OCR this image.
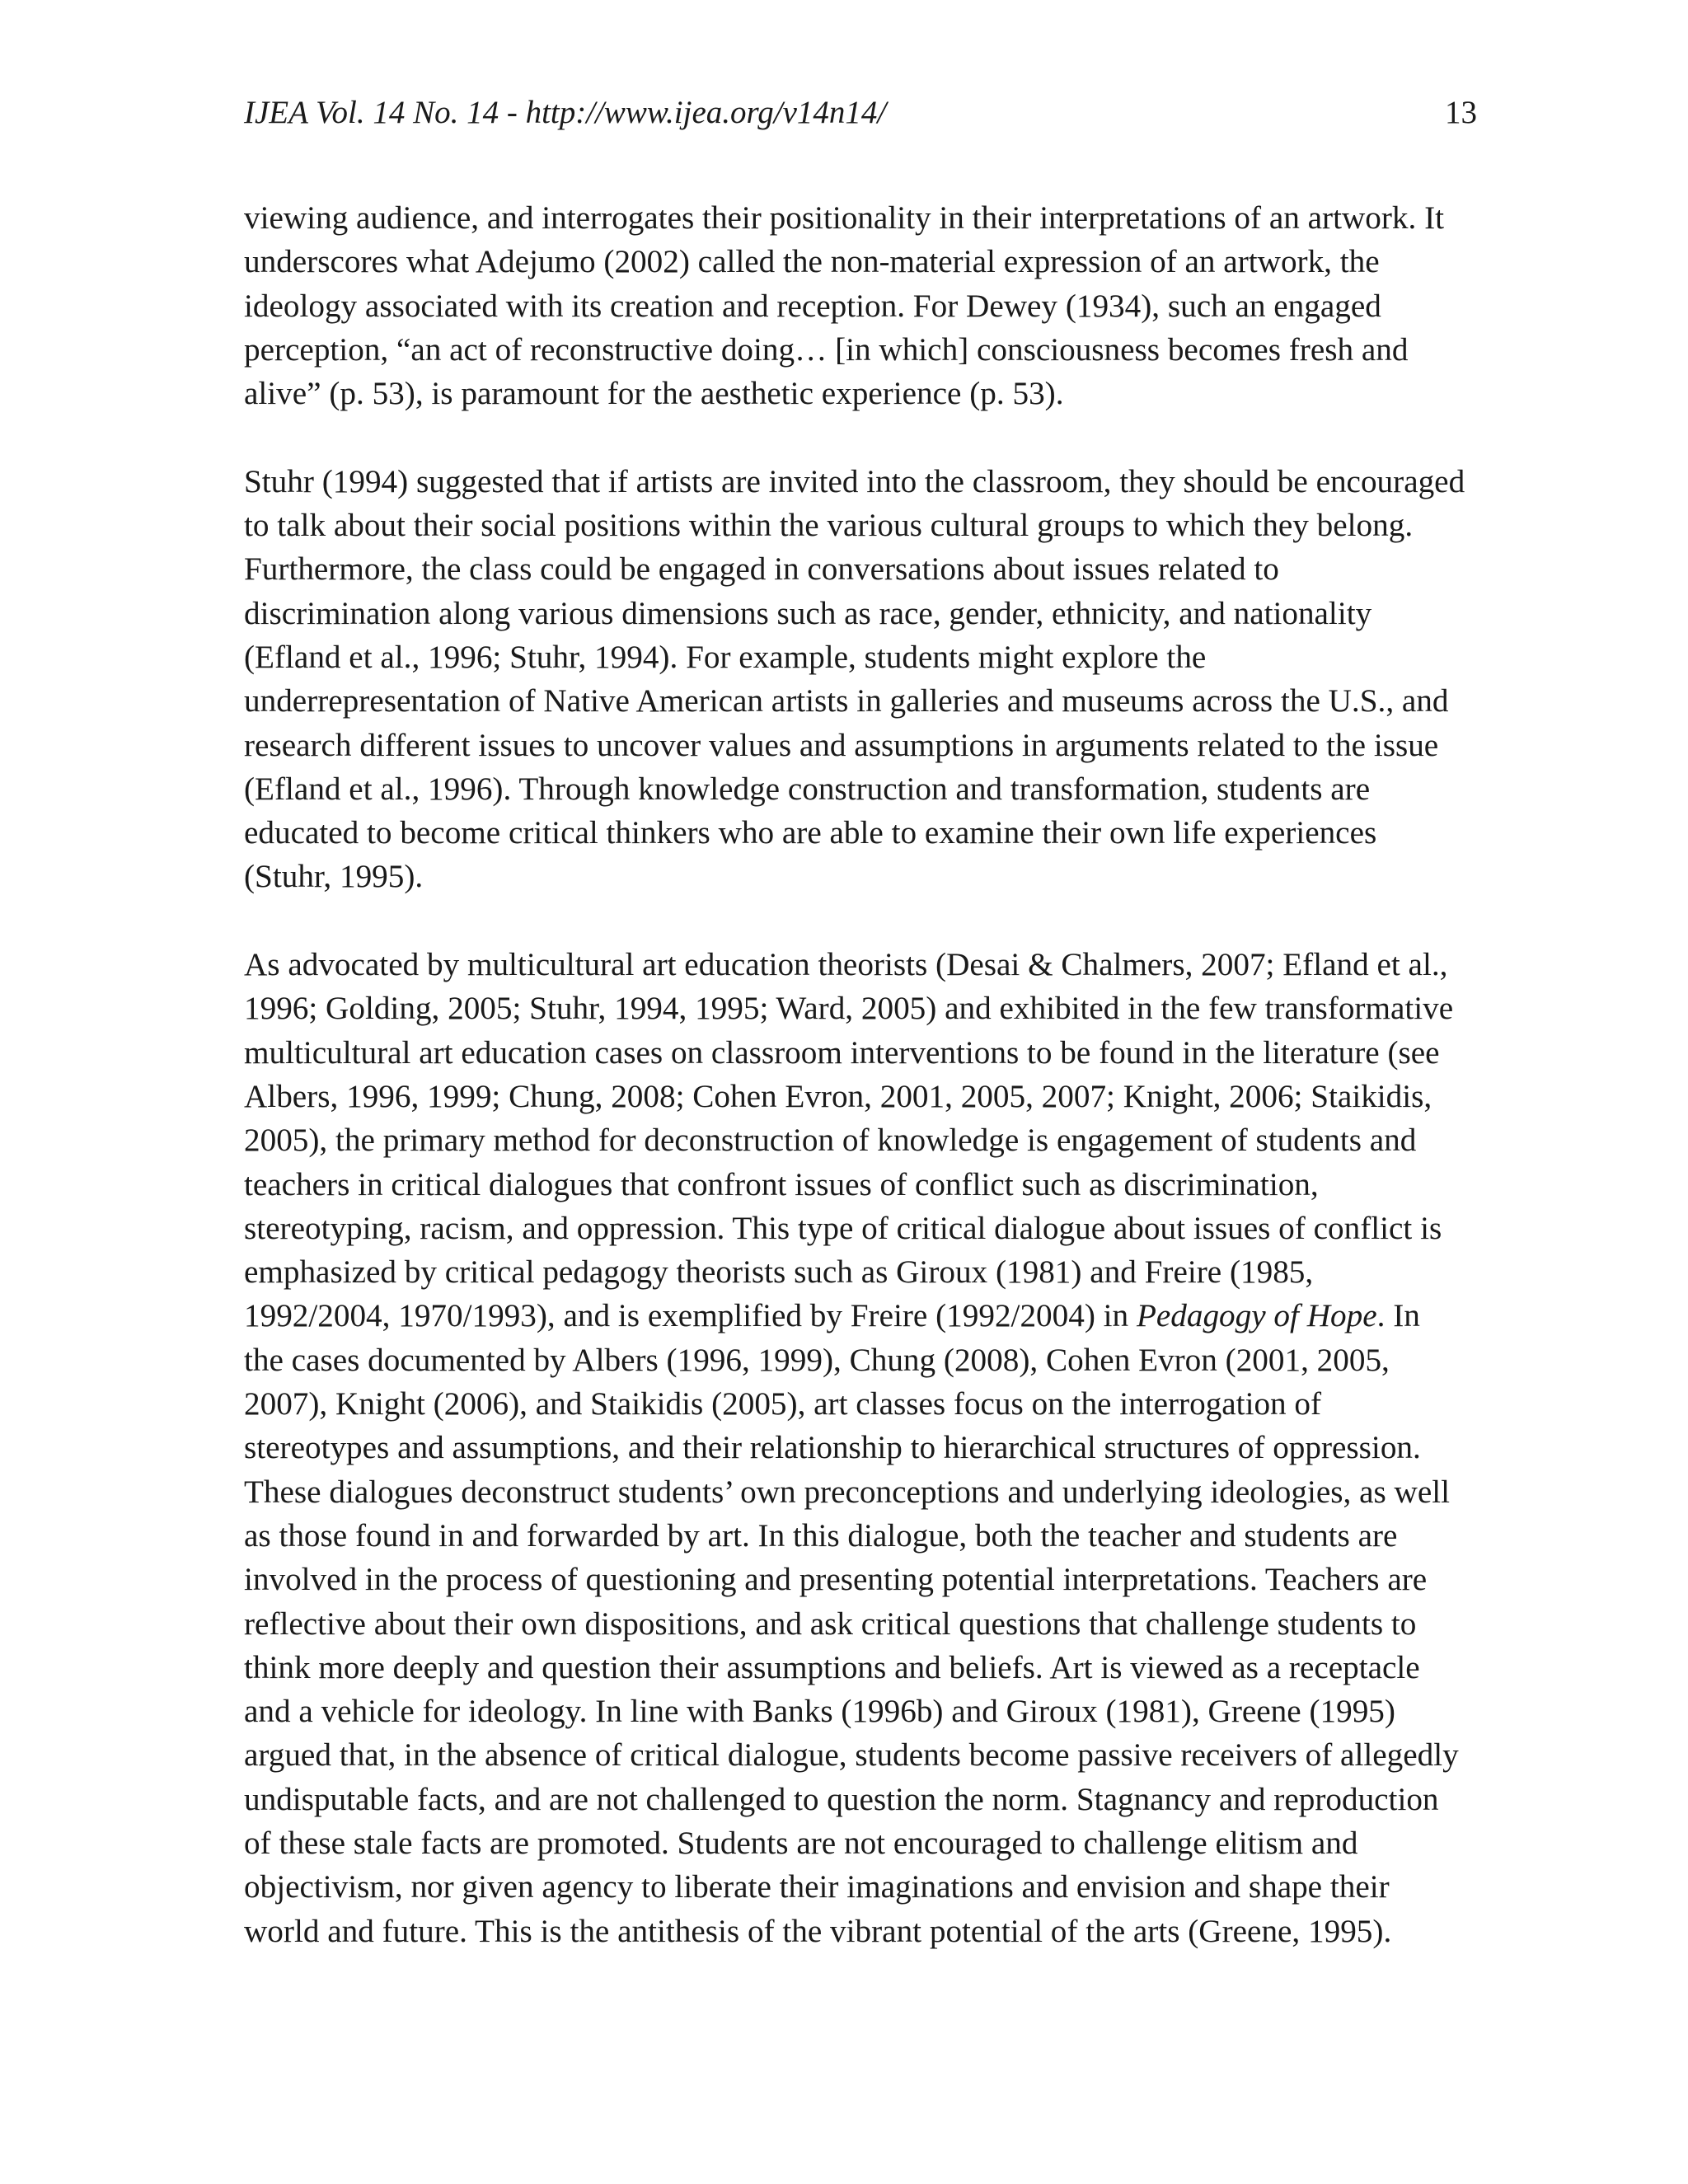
IJEA Vol. 14 No. 14 - http://www.ijea.org/v14n14/	13

viewing audience, and interrogates their positionality in their interpretations of an artwork. It
underscores what Adejumo (2002) called the non-material expression of an artwork, the
ideology associated with its creation and reception. For Dewey (1934), such an engaged
perception, “an act of reconstructive doing… [in which] consciousness becomes fresh and
alive” (p. 53), is paramount for the aesthetic experience (p. 53).

Stuhr (1994) suggested that if artists are invited into the classroom, they should be encouraged
to talk about their social positions within the various cultural groups to which they belong.
Furthermore, the class could be engaged in conversations about issues related to
discrimination along various dimensions such as race, gender, ethnicity, and nationality
(Efland et al., 1996; Stuhr, 1994). For example, students might explore the
underrepresentation of Native American artists in galleries and museums across the U.S., and
research different issues to uncover values and assumptions in arguments related to the issue
(Efland et al., 1996). Through knowledge construction and transformation, students are
educated to become critical thinkers who are able to examine their own life experiences
(Stuhr, 1995).

As advocated by multicultural art education theorists (Desai & Chalmers, 2007; Efland et al.,
1996; Golding, 2005; Stuhr, 1994, 1995; Ward, 2005) and exhibited in the few transformative
multicultural art education cases on classroom interventions to be found in the literature (see
Albers, 1996, 1999; Chung, 2008; Cohen Evron, 2001, 2005, 2007; Knight, 2006; Staikidis,
2005), the primary method for deconstruction of knowledge is engagement of students and
teachers in critical dialogues that confront issues of conflict such as discrimination,
stereotyping, racism, and oppression. This type of critical dialogue about issues of conflict is
emphasized by critical pedagogy theorists such as Giroux (1981) and Freire (1985,
1992/2004, 1970/1993), and is exemplified by Freire (1992/2004) in Pedagogy of Hope. In
the cases documented by Albers (1996, 1999), Chung (2008), Cohen Evron (2001, 2005,
2007), Knight (2006), and Staikidis (2005), art classes focus on the interrogation of
stereotypes and assumptions, and their relationship to hierarchical structures of oppression.
These dialogues deconstruct students’ own preconceptions and underlying ideologies, as well
as those found in and forwarded by art. In this dialogue, both the teacher and students are
involved in the process of questioning and presenting potential interpretations. Teachers are
reflective about their own dispositions, and ask critical questions that challenge students to
think more deeply and question their assumptions and beliefs. Art is viewed as a receptacle
and a vehicle for ideology. In line with Banks (1996b) and Giroux (1981), Greene (1995)
argued that, in the absence of critical dialogue, students become passive receivers of allegedly
undisputable facts, and are not challenged to question the norm. Stagnancy and reproduction
of these stale facts are promoted. Students are not encouraged to challenge elitism and
objectivism, nor given agency to liberate their imaginations and envision and shape their
world and future. This is the antithesis of the vibrant potential of the arts (Greene, 1995).
